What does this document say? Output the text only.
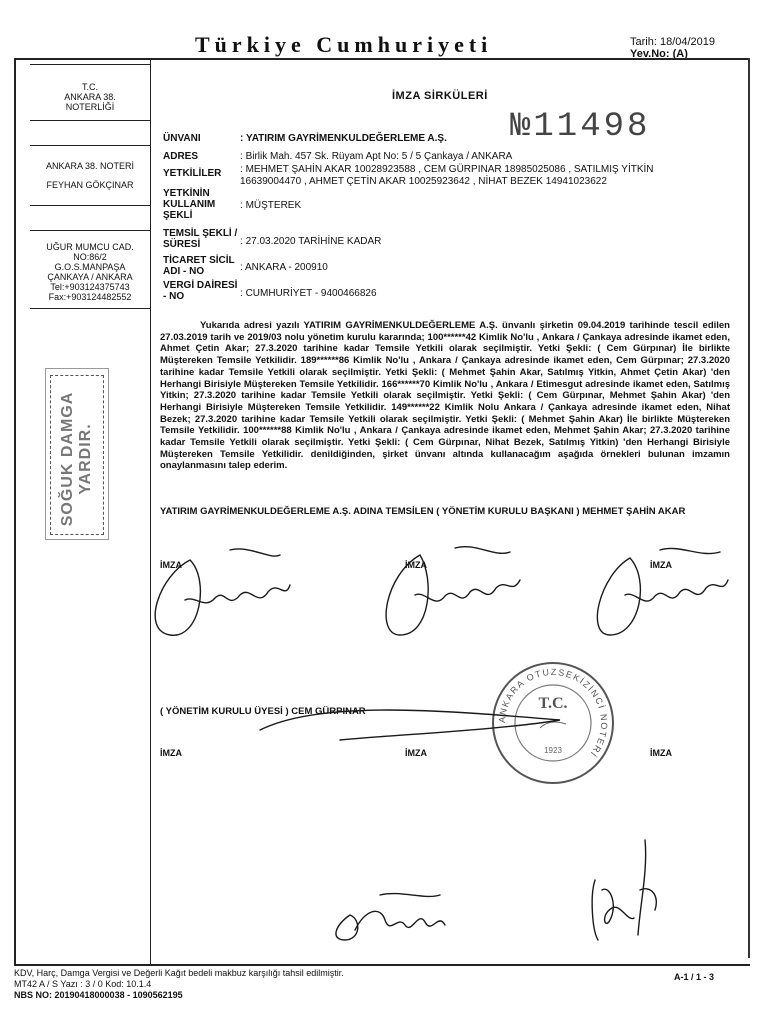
Türkiye Cumhuriyeti	Tarih: 18/04/2019
Yev.No: (A)
T.C.
ANKARA 38.
NOTERLİĞİ
ANKARA 38. NOTERİ
FEYHAN GÖKÇINAR
UĞUR MUMCU CAD.
NO:86/2
G.O.S.MANPAŞA
ÇANKAYA / ANKARA
Tel:+903124375743
Fax:+903124482552
SOĞUK DAMGA YARDIR.
İMZA SİRKÜLERİ
№11498
ÜNVANI	: YATIRIM GAYRİMENKULDEĞERLEME A.Ş.
ADRES	: Birlik Mah. 457 Sk. Rüyam Apt No: 5 / 5 Çankaya / ANKARA
YETKİLİLER : MEHMET ŞAHİN AKAR 10028923588 , CEM GÜRPINAR 18985025086 , SATILMIŞ YİTKİN 16639004470 , AHMET ÇETİN AKAR 10025923642 , NİHAT BEZEK 14941023622
YETKİNİN KULLANIM ŞEKLİ
: MÜŞTEREK
TEMSİL ŞEKLİ / SÜRESİ	: 27.03.2020 TARİHİNE KADAR
TİCARET SİCİL ADI - NO	: ANKARA - 200910
VERGİ DAİRESİ - NO	: CUMHURİYET - 9400466826
Yukarıda adresi yazılı YATIRIM GAYRİMENKULDEĞERLEME A.Ş. ünvanlı şirketin 09.04.2019 tarihinde tescil edilen 27.03.2019 tarih ve 2019/03 nolu yönetim kurulu kararında; 100******42 Kimlik No'lu , Ankara / Çankaya adresinde ikamet eden, Ahmet Çetin Akar; 27.3.2020 tarihine kadar Temsile Yetkili olarak seçilmiştir. Yetki Şekli: ( Cem Gürpınar) İle birlikte Müştereken Temsile Yetkilidir. 189******86 Kimlik No'lu , Ankara / Çankaya adresinde ikamet eden, Cem Gürpınar; 27.3.2020 tarihine kadar Temsile Yetkili olarak seçilmiştir. Yetki Şekli: ( Mehmet Şahin Akar, Satılmış Yitkin, Ahmet Çetin Akar) 'den Herhangi Birisiyle Müştereken Temsile Yetkilidir. 166******70 Kimlik No'lu , Ankara / Etimesgut adresinde ikamet eden, Satılmış Yitkin; 27.3.2020 tarihine kadar Temsile Yetkili olarak seçilmiştir. Yetki Şekli: ( Cem Gürpınar, Mehmet Şahin Akar) 'den Herhangi Birisiyle Müştereken Temsile Yetkilidir. 149******22 Kimlik Nolu Ankara / Çankaya adresinde ikamet eden, Nihat Bezek; 27.3.2020 tarihine kadar Temsile Yetkili olarak seçilmiştir. Yetki Şekli: ( Mehmet Şahin Akar) İle birlikte Müştereken Temsile Yetkilidir. 100******88 Kimlik No'lu , Ankara / Çankaya adresinde ikamet eden, Mehmet Şahin Akar; 27.3.2020 tarihine kadar Temsile Yetkili olarak seçilmiştir. Yetki Şekli: ( Cem Gürpınar, Nihat Bezek, Satılmış Yitkin) 'den Herhangi Birisiyle Müştereken Temsile Yetkilidir. denildiğinden, şirket ünvanı altında kullanacağım aşağıda örnekleri bulunan imzamın onaylanmasını talep ederim.
YATIRIM GAYRİMENKULDEĞERLEME A.Ş. ADINA TEMSİLEN ( YÖNETİM KURULU BAŞKANI ) MEHMET ŞAHİN AKAR
İMZA	İMZA	İMZA
( YÖNETİM KURULU ÜYESİ ) CEM GÜRPINAR
İMZA	İMZA	İMZA
ANKARA OTUZSEKİZİNCİ NOTERİ
T.C.
1923
KDV, Harç, Damga Vergisi ve Değerli Kağıt bedeli makbuz karşılığı tahsil edilmiştir.
MT42 A / S Yazı : 3 / 0 Kod: 10.1.4
NBS NO: 20190418000038 - 1090562195
A-1 / 1 - 3
